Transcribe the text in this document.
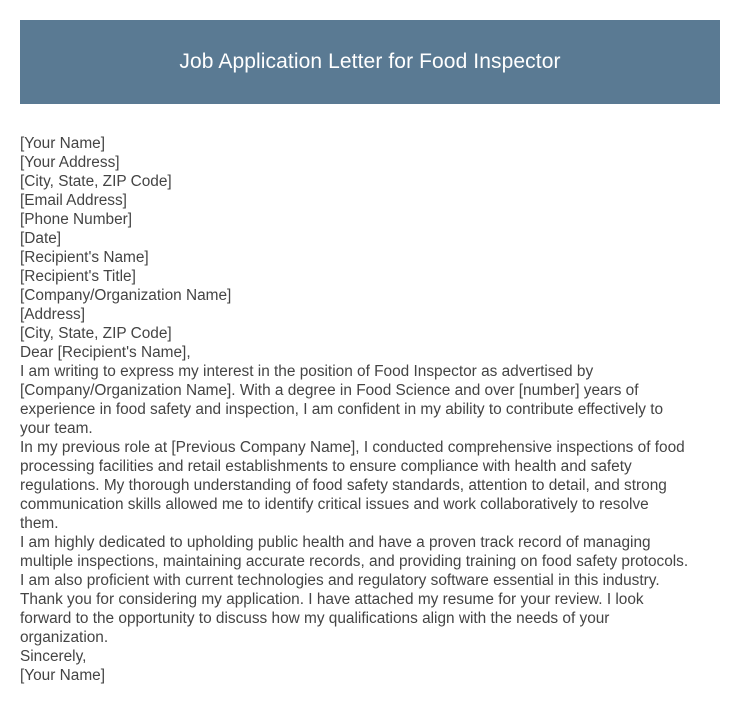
Job Application Letter for Food Inspector
[Your Name]
[Your Address]
[City, State, ZIP Code]
[Email Address]
[Phone Number]
[Date]
[Recipient's Name]
[Recipient's Title]
[Company/Organization Name]
[Address]
[City, State, ZIP Code]
Dear [Recipient's Name],
I am writing to express my interest in the position of Food Inspector as advertised by
[Company/Organization Name]. With a degree in Food Science and over [number] years of
experience in food safety and inspection, I am confident in my ability to contribute effectively to
your team.
In my previous role at [Previous Company Name], I conducted comprehensive inspections of food
processing facilities and retail establishments to ensure compliance with health and safety
regulations. My thorough understanding of food safety standards, attention to detail, and strong
communication skills allowed me to identify critical issues and work collaboratively to resolve
them.
I am highly dedicated to upholding public health and have a proven track record of managing
multiple inspections, maintaining accurate records, and providing training on food safety protocols.
I am also proficient with current technologies and regulatory software essential in this industry.
Thank you for considering my application. I have attached my resume for your review. I look
forward to the opportunity to discuss how my qualifications align with the needs of your
organization.
Sincerely,
[Your Name]
